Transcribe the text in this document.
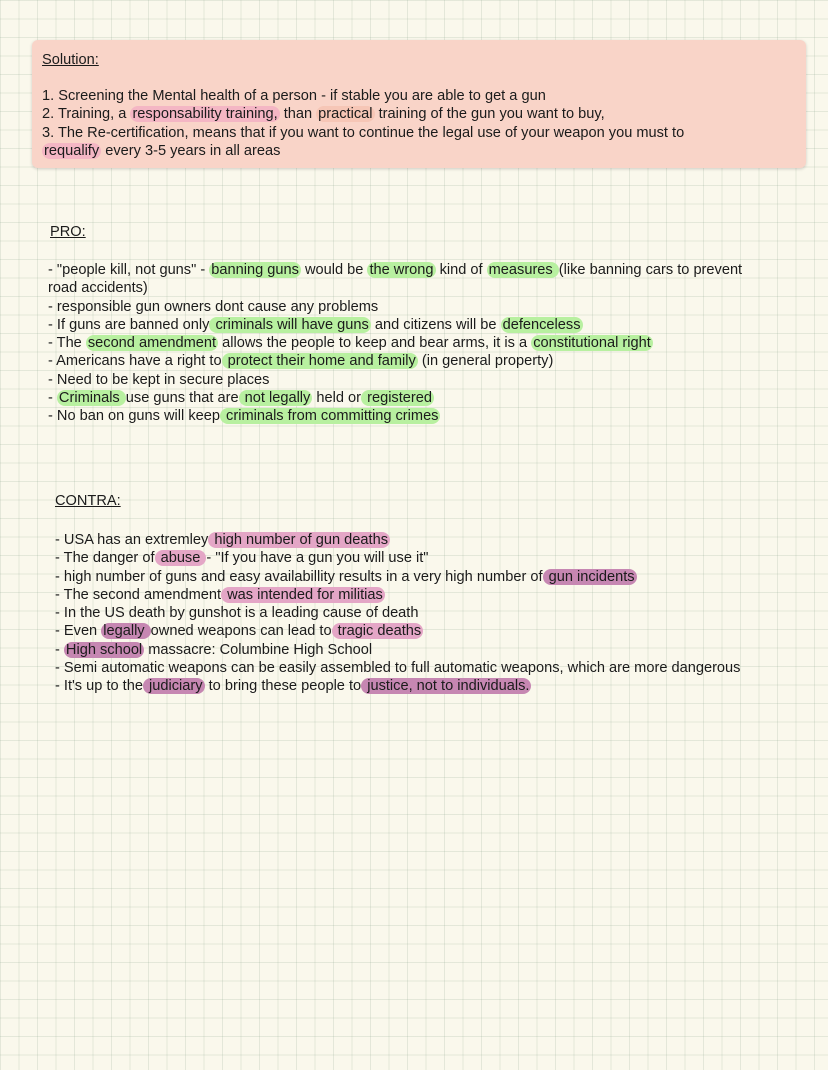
Solution:
1. Screening the Mental health of a person - if stable you are able to get a gun
2. Training, a responsability training, than practical training of the gun you want to buy,
3. The Re-certification, means that if you want to continue the legal use of your weapon you must to
requalify every 3-5 years in all areas
PRO:
- "people kill, not guns" - banning guns would be the wrong kind of measures (like banning cars to prevent road accidents)
- responsible gun owners dont cause any problems
- If guns are banned only criminals will have guns and citizens will be defenceless
- The second amendment allows the people to keep and bear arms, it is a constitutional right
- Americans have a right to protect their home and family (in general property)
- Need to be kept in secure places
- Criminals use guns that are not legally held or registered
- No ban on guns will keep criminals from committing crimes
CONTRA:
- USA has an extremley high number of gun deaths
- The danger of abuse - "If you have a gun you will use it"
- high number of guns and easy availabillity results in a very high number of gun incidents
- The second amendment was intended for militias
- In the US death by gunshot is a leading cause of death
- Even legally owned weapons can lead to tragic deaths
- High school massacre: Columbine High School
- Semi automatic weapons can be easily assembled to full automatic weapons, which are more dangerous
- It's up to the judiciary to bring these people to justice, not to individuals.
